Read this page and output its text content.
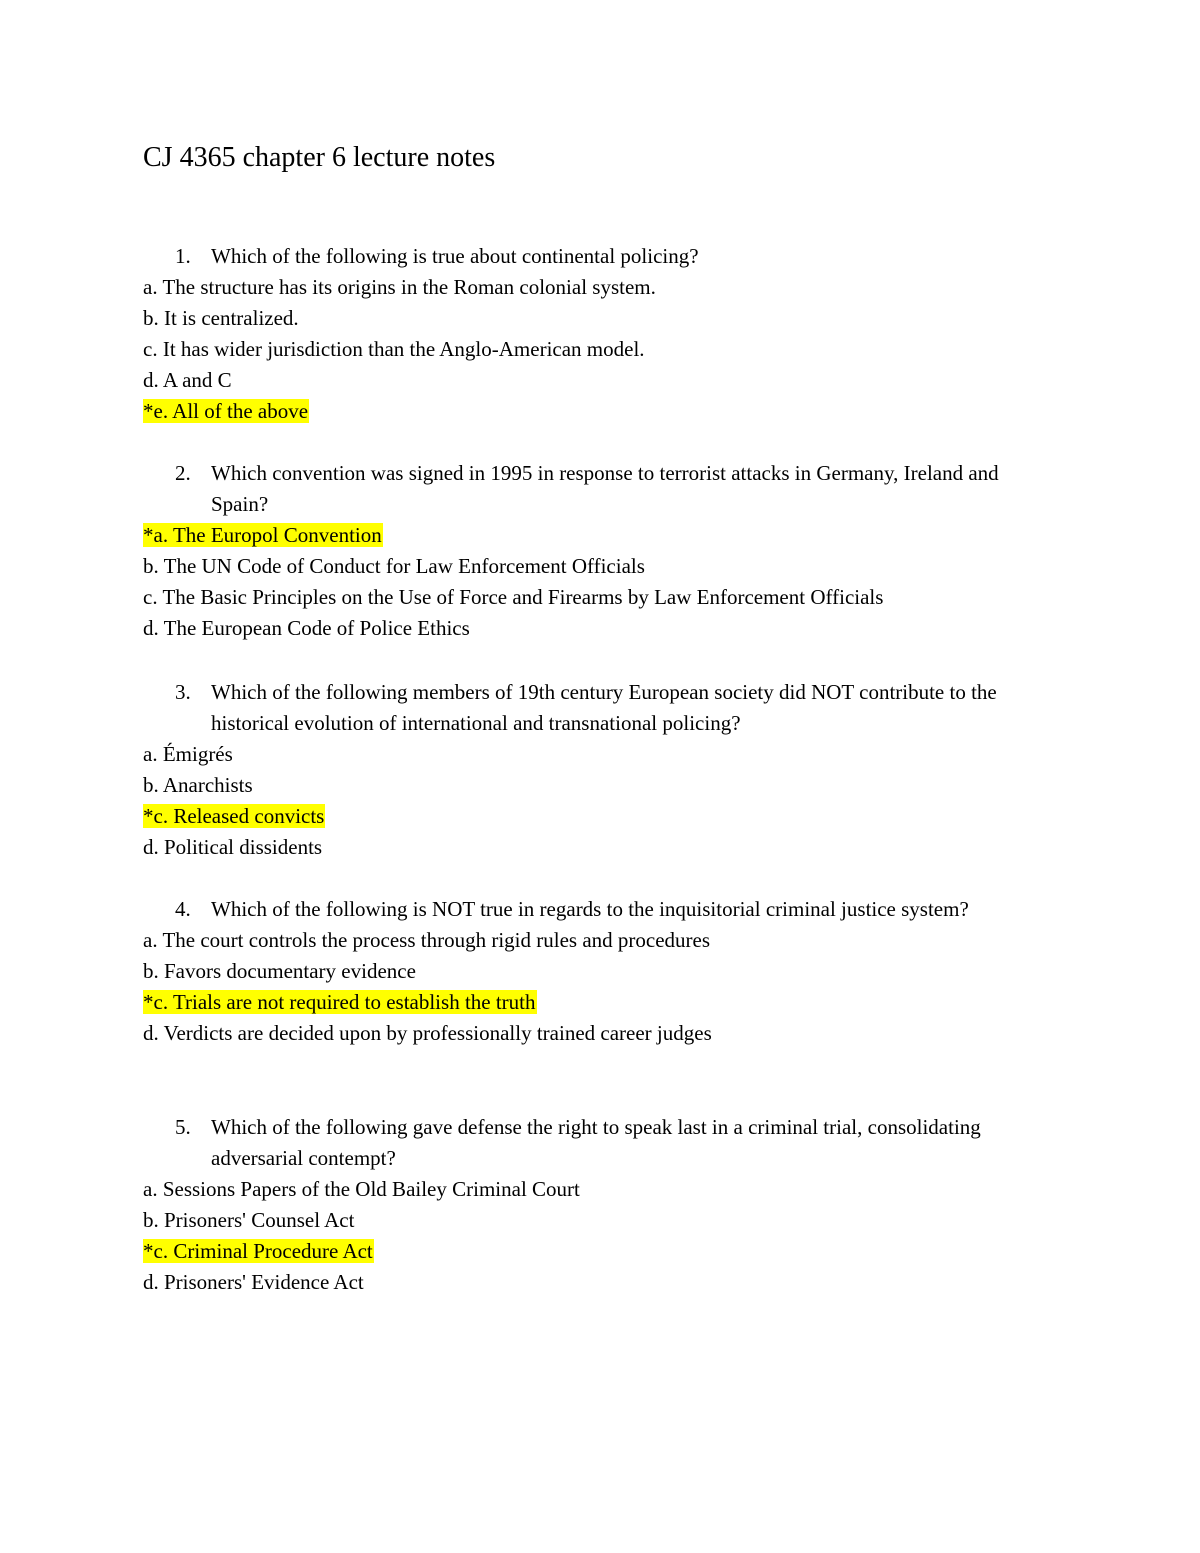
CJ 4365 chapter 6 lecture notes
1. Which of the following is true about continental policing?
a. The structure has its origins in the Roman colonial system.
b. It is centralized.
c. It has wider jurisdiction than the Anglo-American model.
d. A and C
*e. All of the above
2. Which convention was signed in 1995 in response to terrorist attacks in Germany, Ireland and Spain?
*a. The Europol Convention
b. The UN Code of Conduct for Law Enforcement Officials
c. The Basic Principles on the Use of Force and Firearms by Law Enforcement Officials
d. The European Code of Police Ethics
3. Which of the following members of 19th century European society did NOT contribute to the historical evolution of international and transnational policing?
a. Émigrés
b. Anarchists
*c. Released convicts
d. Political dissidents
4. Which of the following is NOT true in regards to the inquisitorial criminal justice system?
a. The court controls the process through rigid rules and procedures
b. Favors documentary evidence
*c. Trials are not required to establish the truth
d. Verdicts are decided upon by professionally trained career judges
5. Which of the following gave defense the right to speak last in a criminal trial, consolidating adversarial contempt?
a. Sessions Papers of the Old Bailey Criminal Court
b. Prisoners' Counsel Act
*c. Criminal Procedure Act
d. Prisoners' Evidence Act
